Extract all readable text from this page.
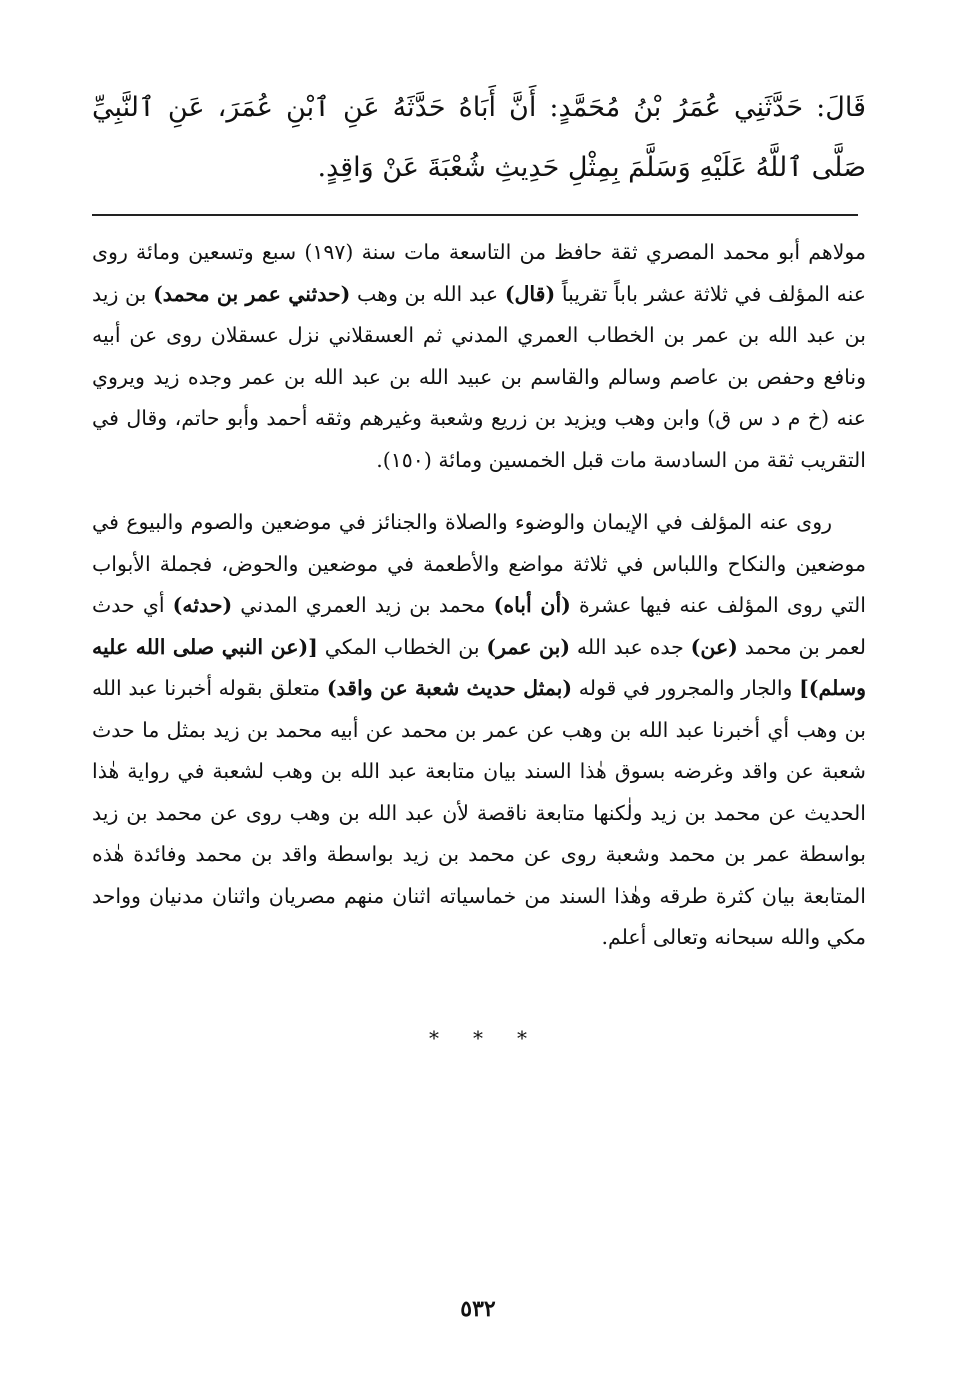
قَالَ: حَدَّثَنِي عُمَرُ بْنُ مُحَمَّدٍ: أَنَّ أَبَاهُ حَدَّثَهُ عَنِ ٱبْنِ عُمَرَ، عَنِ ٱلنَّبِيِّ صَلَّى ٱللَّهُ عَلَيْهِ وَسَلَّمَ بِمِثْلِ حَدِيثِ شُعْبَةَ عَنْ وَاقِدٍ.

مولاهم أبو محمد المصري ثقة حافظ من التاسعة مات سنة (١٩٧) سبع وتسعين ومائة روى عنه المؤلف في ثلاثة عشر باباً تقريباً (قال) عبد الله بن وهب (حدثني عمر بن محمد) بن زيد بن عبد الله بن عمر بن الخطاب العمري المدني ثم العسقلاني نزل عسقلان روى عن أبيه ونافع وحفص بن عاصم وسالم والقاسم بن عبيد الله بن عبد الله بن عمر وجده زيد ويروي عنه (خ م د س ق) وابن وهب ويزيد بن زريع وشعبة وغيرهم وثقه أحمد وأبو حاتم، وقال في التقريب ثقة من السادسة مات قبل الخمسين ومائة (١٥٠).

روى عنه المؤلف في الإيمان والوضوء والصلاة والجنائز في موضعين والصوم والبيوع في موضعين والنكاح واللباس في ثلاثة مواضع والأطعمة في موضعين والحوض، فجملة الأبواب التي روى المؤلف عنه فيها عشرة (أن أباه) محمد بن زيد العمري المدني (حدثه) أي حدث لعمر بن محمد (عن) جده عبد الله (بن عمر) بن الخطاب المكي [(عن النبي صلى الله عليه وسلم)] والجار والمجرور في قوله (بمثل حديث شعبة عن واقد) متعلق بقوله أخبرنا عبد الله بن وهب أي أخبرنا عبد الله بن وهب عن عمر بن محمد عن أبيه محمد بن زيد بمثل ما حدث شعبة عن واقد وغرضه بسوق هٰذا السند بيان متابعة عبد الله بن وهب لشعبة في رواية هٰذا الحديث عن محمد بن زيد ولٰكنها متابعة ناقصة لأن عبد الله بن وهب روى عن محمد بن زيد بواسطة عمر بن محمد وشعبة روى عن محمد بن زيد بواسطة واقد بن محمد وفائدة هٰذه المتابعة بيان كثرة طرقه وهٰذا السند من خماسياته اثنان منهم مصريان واثنان مدنيان وواحد مكي والله سبحانه وتعالى أعلم.

* * *
٥٣٢
